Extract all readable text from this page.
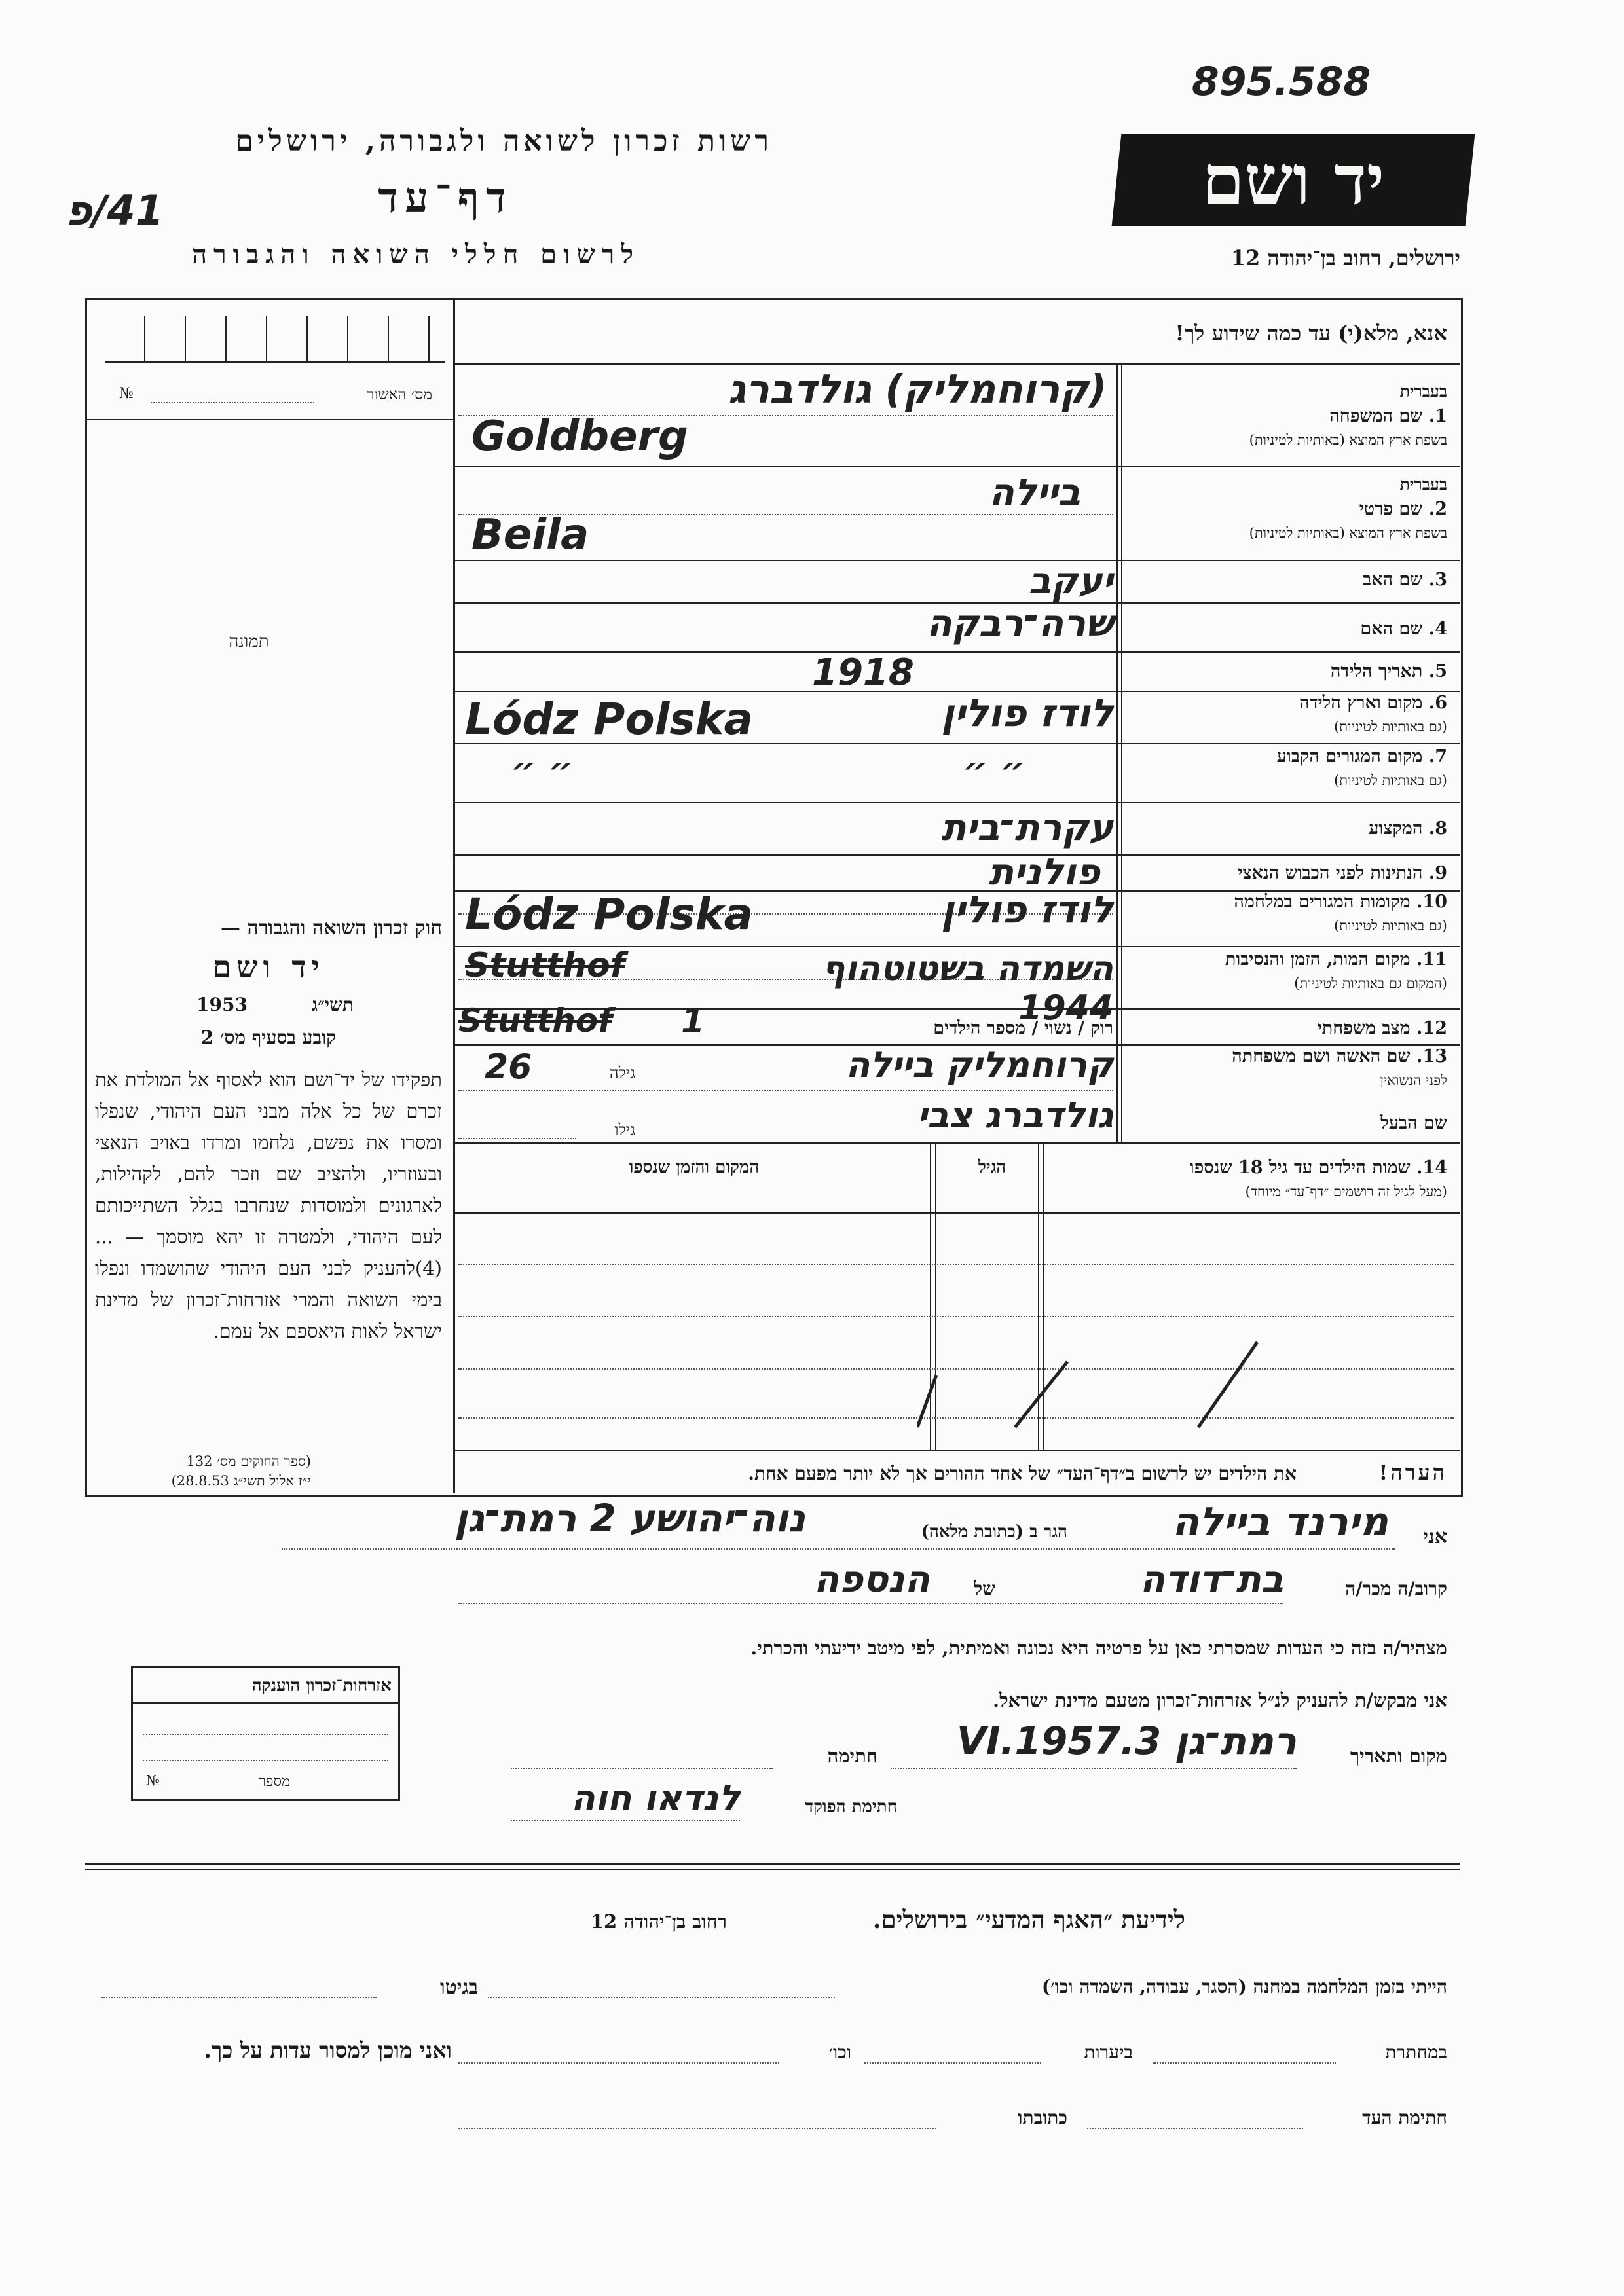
895.588
41/פ
רשות זכרון לשואה ולגבורה, ירושלים
דף־עד
לרשום חללי השואה והגבורה
יד ושם
ירושלים, רחוב בן־יהודה 12
מס׳ האשור
№
תמונה
חוק זכרון השואה והגבורה —
יד ושם
1953	תשי״ג
קובע בסעיף מס׳ 2
תפקידו של יד־ושם הוא לאסוף אל המולדת את זכרם של כל אלה מבני העם היהודי, שנפלו ומסרו את נפשם, נלחמו ומרדו באויב הנאצי ובעוזריו, ולהציב שם וזכר להם, לקהילות, לארגונים ולמוסדות שנחרבו בגלל השתייכותם לעם היהודי, ולמטרה זו יהא מוסמך — ...(4)להעניק לבני העם היהודי שהושמדו ונפלו בימי השואה והמרי אזרחות־זכרון של מדינת ישראל לאות היאספם אל עמם.
(ספר החוקים מס׳ 132
י״ז אלול תשי״ג 28.8.53)
אנא, מלא(י) עד כמה שידוע לך!
בעברית
1. שם המשפחה
בשפת ארץ המוצא (באותיות לטיניות)
(קרוחמליק) גולדברג
Goldberg
בעברית
2. שם פרטי
בשפת ארץ המוצא (באותיות לטיניות)
ביילה
Beila
3. שם האב
יעקב
4. שם האם
שרה־רבקה
5. תאריך הלידה
1918
6. מקום וארץ הלידה
(גם באותיות לטיניות)
לודז פולין
Lódz Polska
7. מקום המגורים הקבוע
(גם באותיות לטיניות)
״ ״
״ ״
8. המקצוע
עקרת־בית
9. הנתינות לפני הכבוש הנאצי
פולנית
10. מקומות המגורים במלחמה
(גם באותיות לטיניות)
לודז פולין
Lódz Polska
11. מקום המות, הזמן והנסיבות
(המקום גם באותיות לטיניות)
השמדה בשטוטהוף 1944
Stutthof
12. מצב משפחתי
רוק / נשוי / מספר הילדים
1
Stutthof
13. שם האשה ושם משפחתה
לפני הנשואין
קרוחמליק ביילה
גילה
26
שם הבעל
גולדברג צבי
גילו
14. שמות הילדים עד גיל 18 שנספו
(מעל לגיל זה רושמים ״דף־עד״ מיוחד)
הגיל
המקום והזמן שנספו
הערה!
את הילדים יש לרשום ב״דף־העד״ של אחד ההורים אך לא יותר מפעם אחת.
אזרחות־זכרון הוענקה
מספר
№
אני
מירנד ביילה
הגר ב (כתובת מלאה)
נוה־יהושע 2 רמת־גן
קרוב/ה מכר/ה
בת־דודה
של
הנספה
מצהיר/ה בזה כי העדות שמסרתי כאן על פרטיה היא נכונה ואמיתית, לפי מיטב ידיעתי והכרתי.
אני מבקש/ת להעניק לנ״ל אזרחות־זכרון מטעם מדינת ישראל.
מקום ותאריך
רמת־גן 3.VI.1957
חתימה
חתימת הפוקד
לנדאו חוה
לידיעת ״האגף המדעי״ בירושלים.
רחוב בן־יהודה 12
הייתי בזמן המלחמה במחנה (הסגר, עבודה, השמדה וכו׳)
בגיטו
במחתרת
ביערות
וכו׳
ואני מוכן למסור עדות על כך.
חתימת העד
כתובתו
